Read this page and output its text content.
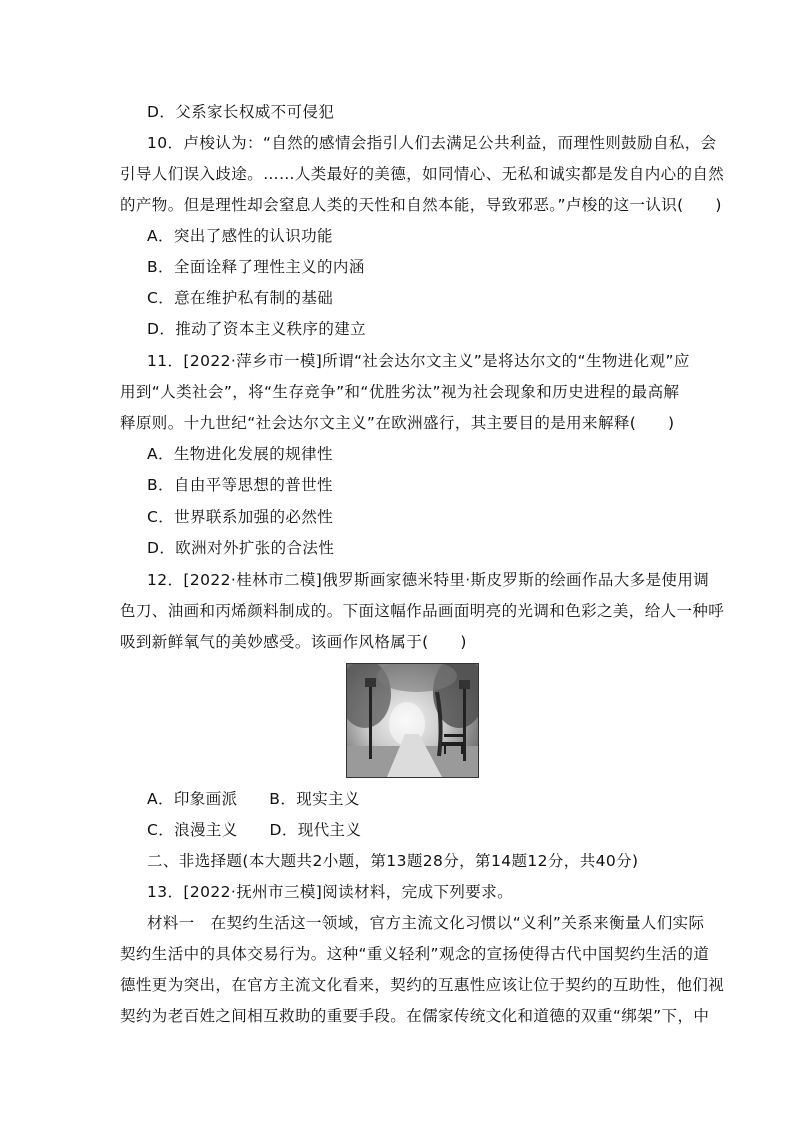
D．父系家长权威不可侵犯
10．卢梭认为：“自然的感情会指引人们去满足公共利益，而理性则鼓励自私，会
引导人们误入歧途。……人类最好的美德，如同情心、无私和诚实都是发自内心的自然
的产物。但是理性却会窒息人类的天性和自然本能，导致邪恶。”卢梭的这一认识(　　)
A．突出了感性的认识功能
B．全面诠释了理性主义的内涵
C．意在维护私有制的基础
D．推动了资本主义秩序的建立
11．[2022·萍乡市一模]所谓“社会达尔文主义”是将达尔文的“生物进化观”应
用到“人类社会”，将“生存竞争”和“优胜劣汰”视为社会现象和历史进程的最高解
释原则。十九世纪“社会达尔文主义”在欧洲盛行，其主要目的是用来解释(　　)
A．生物进化发展的规律性
B．自由平等思想的普世性
C．世界联系加强的必然性
D．欧洲对外扩张的合法性
12．[2022·桂林市二模]俄罗斯画家德米特里·斯皮罗斯的绘画作品大多是使用调
色刀、油画和丙烯颜料制成的。下面这幅作品画面明亮的光调和色彩之美，给人一种呼
吸到新鲜氧气的美妙感受。该画作风格属于(　　)
A．印象画派　　B．现实主义
C．浪漫主义　　D．现代主义
二、非选择题(本大题共2小题，第13题28分，第14题12分，共40分)
13．[2022·抚州市三模]阅读材料，完成下列要求。
材料一　在契约生活这一领域，官方主流文化习惯以“义利”关系来衡量人们实际
契约生活中的具体交易行为。这种“重义轻利”观念的宣扬使得古代中国契约生活的道
德性更为突出，在官方主流文化看来，契约的互惠性应该让位于契约的互助性，他们视
契约为老百姓之间相互救助的重要手段。在儒家传统文化和道德的双重“绑架”下，中
